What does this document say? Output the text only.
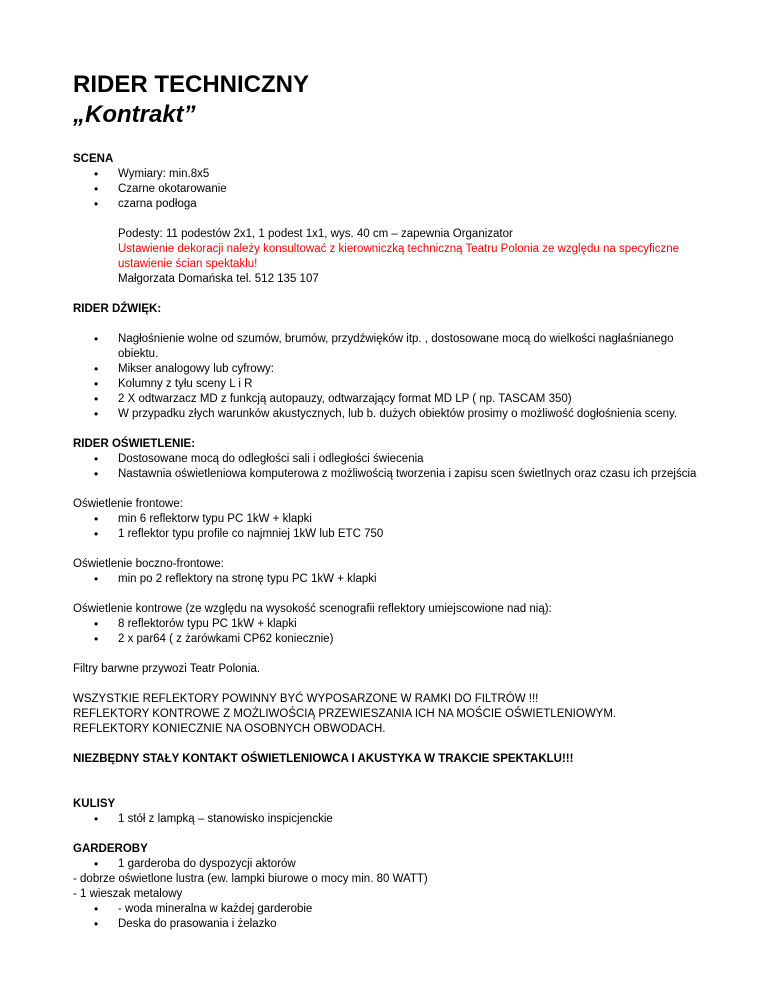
RIDER TECHNICZNY
„Kontrakt”
SCENA
• Wymiary: min.8x5
• Czarne okotarowanie
• czarna podłoga
Podesty: 11 podestów 2x1, 1 podest 1x1, wys. 40 cm – zapewnia Organizator
Ustawienie dekoracji należy konsultować z kierowniczką techniczną Teatru Polonia ze względu na specyficzne ustawienie ścian spektaklu!
Małgorzata Domańska tel. 512 135 107
RIDER DŹWIĘK:
• Nagłośnienie wolne od szumów, brumów, przydźwięków itp. , dostosowane mocą do wielkości nagłaśnianego obiektu.
• Mikser analogowy lub cyfrowy:
• Kolumny z tyłu sceny L i R
• 2 X odtwarzacz MD z funkcją autopauzy, odtwarzający format MD LP ( np. TASCAM 350)
• W przypadku złych warunków akustycznych, lub b. dużych obiektów prosimy o możliwość dogłośnienia sceny.
RIDER OŚWIETLENIE:
• Dostosowane mocą do odległości sali i odległości świecenia
• Nastawnia oświetleniowa komputerowa z możliwością tworzenia i zapisu scen świetlnych oraz czasu ich przejścia
Oświetlenie frontowe:
• min 6 reflektorw typu PC 1kW + klapki
• 1 reflektor typu profile co najmniej 1kW lub ETC 750
Oświetlenie boczno-frontowe:
• min po 2 reflektory na stronę typu PC 1kW + klapki
Oświetlenie kontrowe (ze względu na wysokość scenografii reflektory umiejscowione nad nią):
• 8 reflektorów typu PC 1kW + klapki
• 2 x par64 ( z żarówkami CP62 koniecznie)
Filtry barwne przywozi Teatr Polonia.
WSZYSTKIE REFLEKTORY POWINNY BYĆ WYPOSARZONE W RAMKI DO FILTRÓW !!!
REFLEKTORY KONTROWE Z MOŻLIWOŚCIĄ PRZEWIESZANIA ICH NA MOŚCIE OŚWIETLENIOWYM.
REFLEKTORY KONIECZNIE NA OSOBNYCH OBWODACH.
NIEZBĘDNY STAŁY KONTAKT OŚWIETLENIOWCA I AKUSTYKA W TRAKCIE SPEKTAKLU!!!
KULISY
• 1 stół z lampką – stanowisko inspicjenckie
GARDEROBY
• 1 garderoba do dyspozycji aktorów
- dobrze oświetlone lustra (ew. lampki biurowe o mocy min. 80 WATT)
- 1 wieszak metalowy
• - woda mineralna w każdej garderobie
• Deska do prasowania i żelazko
